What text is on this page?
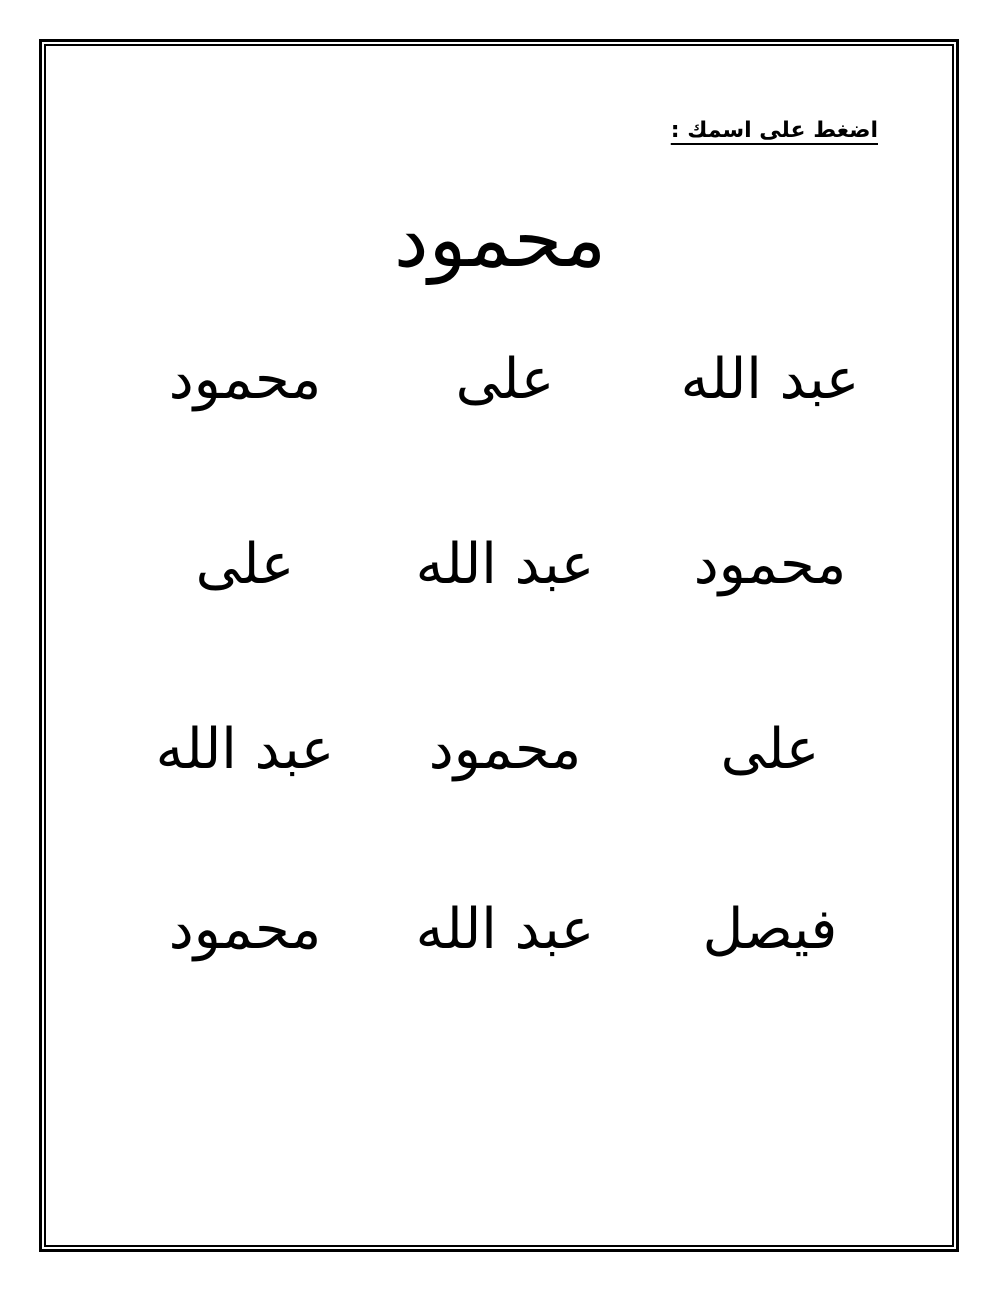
اضغط على اسمك :
محمود
عبد الله
على
محمود
محمود
عبد الله
على
على
محمود
عبد الله
فيصل
عبد الله
محمود
